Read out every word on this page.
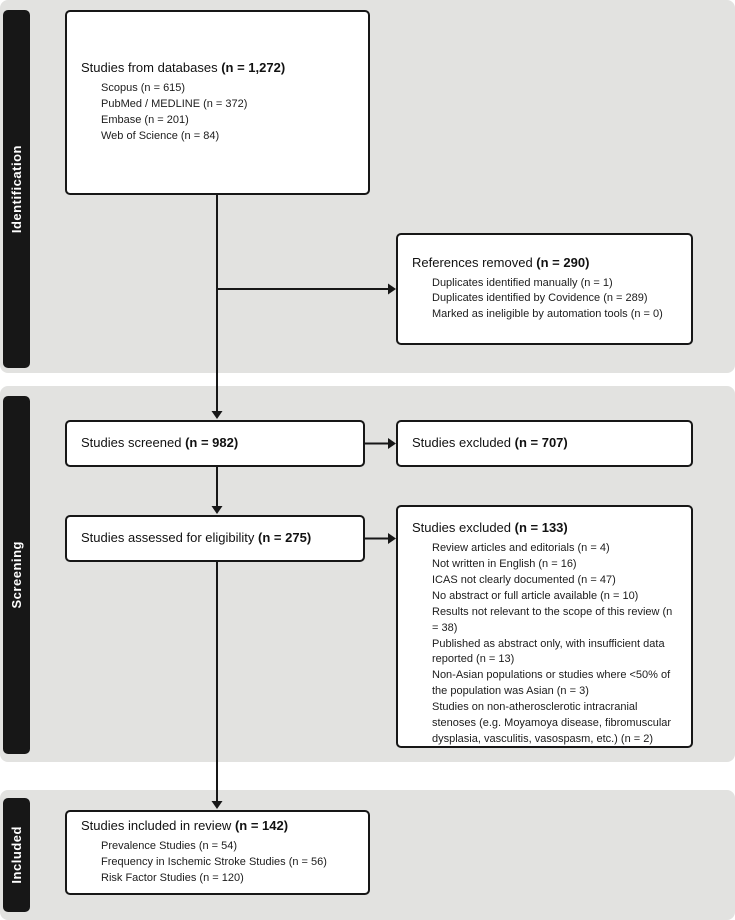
Identification
Screening
Included
Studies from databases (n = 1,272)
Scopus (n = 615)
PubMed / MEDLINE (n = 372)
Embase (n = 201)
Web of Science (n = 84)
References removed (n = 290)
Duplicates identified manually (n = 1)
Duplicates identified by Covidence (n = 289)
Marked as ineligible by automation tools (n = 0)
Studies screened (n = 982)	Studies excluded (n = 707)
Studies assessed for eligibility (n = 275)
Studies excluded (n = 133)
Review articles and editorials (n = 4)
Not written in English (n = 16)
ICAS not clearly documented (n = 47)
No abstract or full article available (n = 10)
Results not relevant to the scope of this review (n = 38)
Published as abstract only, with insufficient data reported (n = 13)
Non-Asian populations or studies where <50% of the population was Asian (n = 3)
Studies on non-atherosclerotic intracranial stenoses (e.g. Moyamoya disease, fibromuscular dysplasia, vasculitis, vasospasm, etc.) (n = 2)
Studies included in review (n = 142)
Prevalence Studies (n = 54)
Frequency in Ischemic Stroke Studies (n = 56)
Risk Factor Studies (n = 120)
